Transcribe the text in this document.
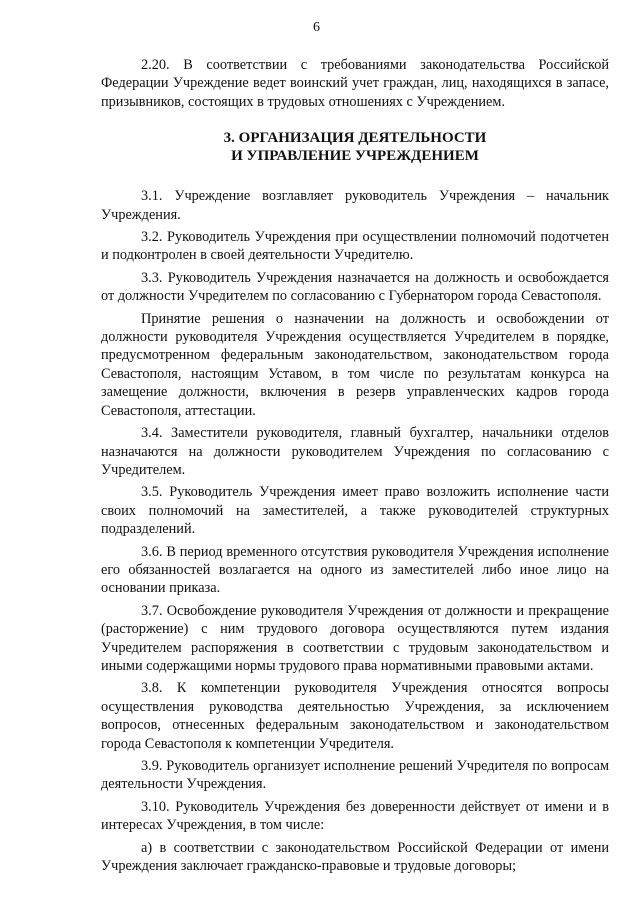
6

2.20. В соответствии с требованиями законодательства Российской Федерации Учреждение ведет воинский учет граждан, лиц, находящихся в запасе, призывников, состоящих в трудовых отношениях с Учреждением.

3. ОРГАНИЗАЦИЯ ДЕЯТЕЛЬНОСТИ
И УПРАВЛЕНИЕ УЧРЕЖДЕНИЕМ

3.1. Учреждение возглавляет руководитель Учреждения – начальник Учреждения.

3.2. Руководитель Учреждения при осуществлении полномочий подотчетен и подконтролен в своей деятельности Учредителю.

3.3. Руководитель Учреждения назначается на должность и освобождается от должности Учредителем по согласованию с Губернатором города Севастополя.

Принятие решения о назначении на должность и освобождении от должности руководителя Учреждения осуществляется Учредителем в порядке, предусмотренном федеральным законодательством, законодательством города Севастополя, настоящим Уставом, в том числе по результатам конкурса на замещение должности, включения в резерв управленческих кадров города Севастополя, аттестации.

3.4. Заместители руководителя, главный бухгалтер, начальники отделов назначаются на должности руководителем Учреждения по согласованию с Учредителем.

3.5. Руководитель Учреждения имеет право возложить исполнение части своих полномочий на заместителей, а также руководителей структурных подразделений.

3.6. В период временного отсутствия руководителя Учреждения исполнение его обязанностей возлагается на одного из заместителей либо иное лицо на основании приказа.

3.7. Освобождение руководителя Учреждения от должности и прекращение (расторжение) с ним трудового договора осуществляются путем издания Учредителем распоряжения в соответствии с трудовым законодательством и иными содержащими нормы трудового права нормативными правовыми актами.

3.8. К компетенции руководителя Учреждения относятся вопросы осуществления руководства деятельностью Учреждения, за исключением вопросов, отнесенных федеральным законодательством и законодательством города Севастополя к компетенции Учредителя.

3.9. Руководитель организует исполнение решений Учредителя по вопросам деятельности Учреждения.

3.10. Руководитель Учреждения без доверенности действует от имени и в интересах Учреждения, в том числе:

а) в соответствии с законодательством Российской Федерации от имени Учреждения заключает гражданско-правовые и трудовые договоры;
